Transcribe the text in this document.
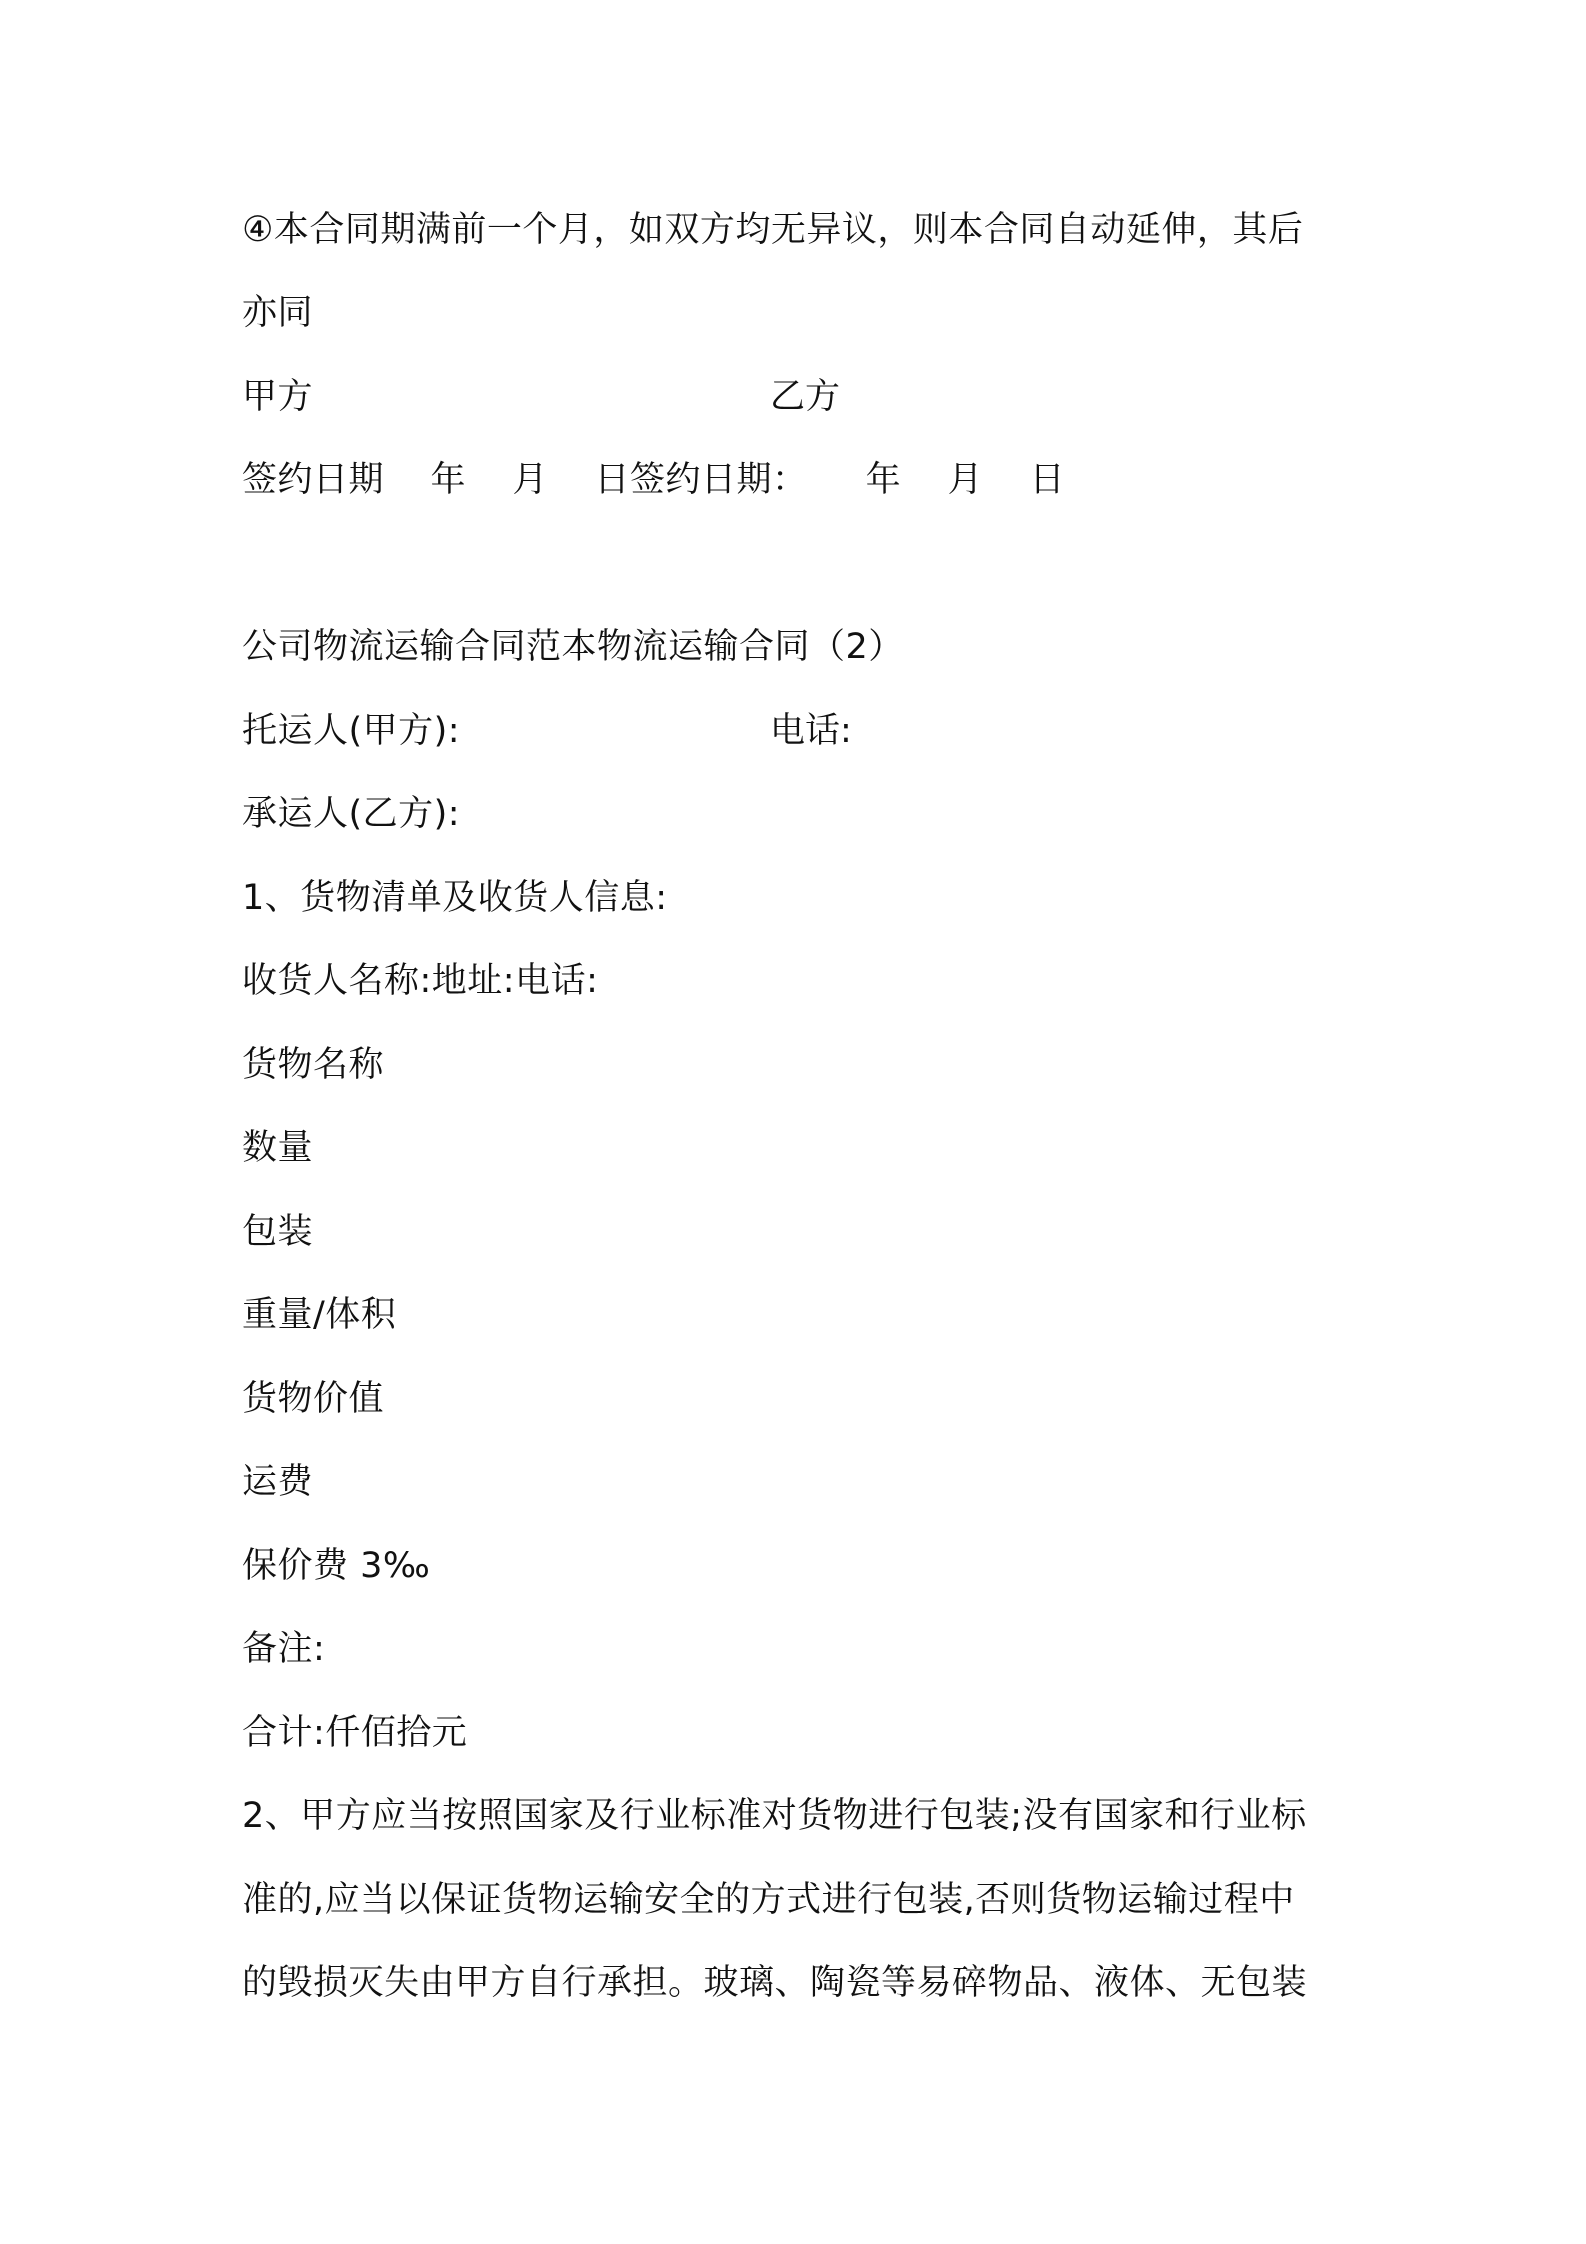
④本合同期满前一个月，如双方均无异议，则本合同自动延伸，其后
亦同
甲方	乙方
签约日期    年    月    日签约日期：     年    月    日
公司物流运输合同范本物流运输合同（2）
托运人(甲方):	电话:
承运人(乙方):
1、货物清单及收货人信息:
收货人名称:地址:电话:
货物名称
数量
包装
重量/体积
货物价值
运费
保价费 3‰
备注:
合计:仟佰拾元
2、甲方应当按照国家及行业标准对货物进行包装;没有国家和行业标
准的,应当以保证货物运输安全的方式进行包装,否则货物运输过程中
的毁损灭失由甲方自行承担。玻璃、陶瓷等易碎物品、液体、无包装
